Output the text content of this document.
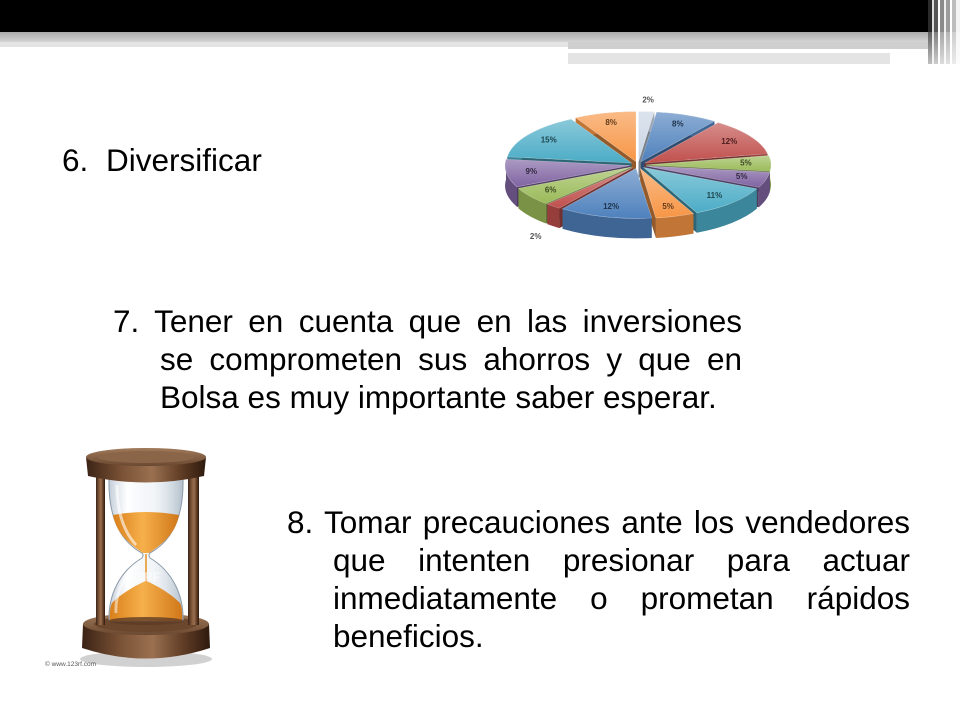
6. Diversificar
2%
8%
12%
5%
5%
11%
5%
12%
2%
6%
9%
15%
8%
7. Tener en cuenta que en las inversiones
se comprometen sus ahorros y que en
Bolsa es muy importante saber esperar.
123RF
© www.123rf.com
8. Tomar precauciones ante los vendedores
que intenten presionar para actuar
inmediatamente o prometan rápidos
beneficios.
